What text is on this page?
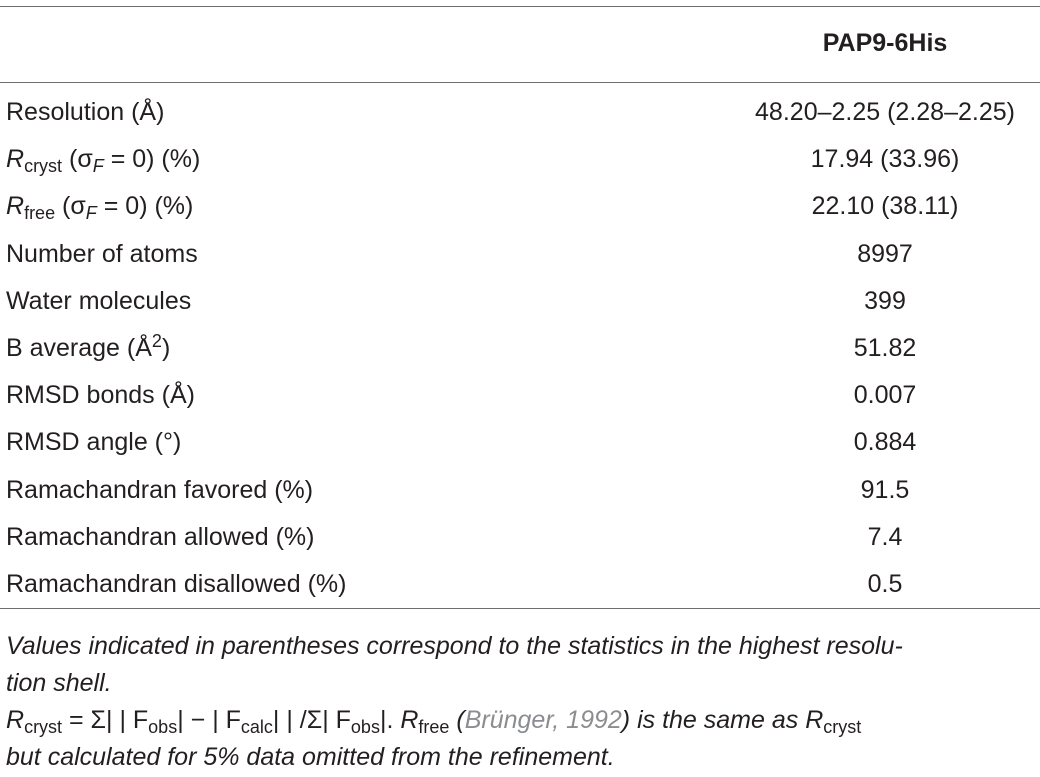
PAP9-6His
Resolution (Å)	48.20–2.25 (2.28–2.25)
$R_{cryst}$ $(\sigma_F = 0)$ (%)	17.94 (33.96)
$R_{free}$ $(\sigma_F = 0)$ (%)	22.10 (38.11)
Number of atoms	8997
Water molecules	399
B average $(Å^2)$	51.82
RMSD bonds (Å)	0.007
RMSD angle (°)	0.884
Ramachandran favored (%)	91.5
Ramachandran allowed (%)	7.4
Ramachandran disallowed (%)	0.5
Values indicated in parentheses correspond to the statistics in the highest resolu-
tion shell.
$R_{cryst} = \Sigma|$ | $F_{obs}|$ − | $F_{calc}|$ | /Σ| $F_{obs}|$. $R_{free}$ (Brünger, 1992) is the same as $R_{cryst}$
but calculated for 5% data omitted from the refinement.
